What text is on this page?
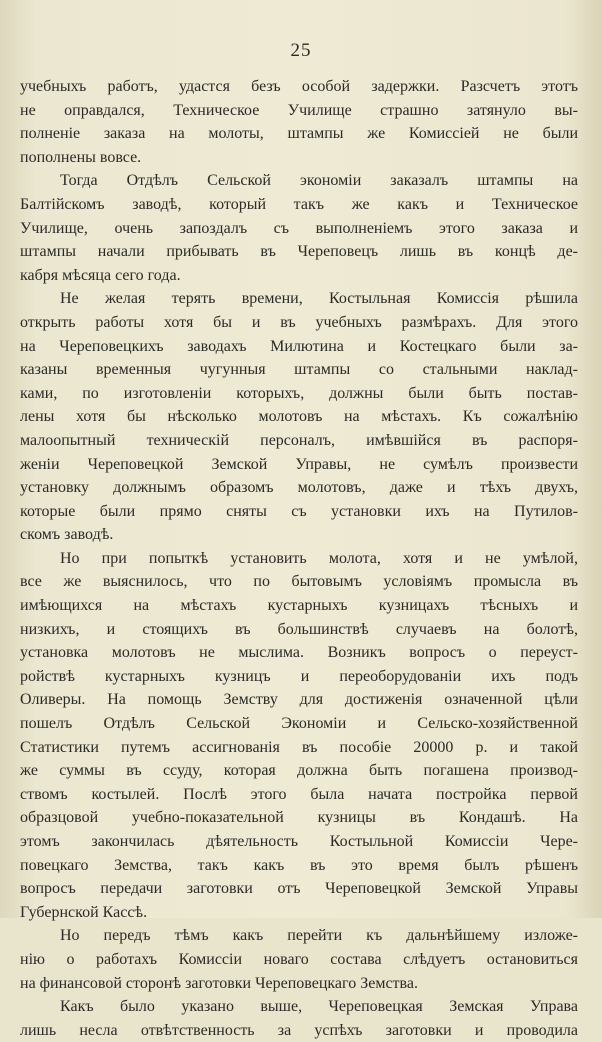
25
учебныхъ работъ, удастся безъ особой задержки. Разсчетъ этотъ
не оправдался, Техническое Училище страшно затянуло вы-
полненіе заказа на молоты, штампы же Комиссіей не были
пополнены вовсе.
Тогда Отдѣлъ Сельской экономіи заказалъ штампы на
Балтійскомъ заводѣ, который такъ же какъ и Техническое
Училище, очень запоздалъ съ выполненіемъ этого заказа и
штампы начали прибывать въ Череповецъ лишь въ концѣ де-
кабря мѣсяца сего года.
Не желая терять времени, Костыльная Комиссія рѣшила
открыть работы хотя бы и въ учебныхъ размѣрахъ. Для этого
на Череповецкихъ заводахъ Милютина и Костецкаго были за-
казаны временныя чугунныя штампы со стальными наклад-
ками, по изготовленіи которыхъ, должны были быть постав-
лены хотя бы нѣсколько молотовъ на мѣстахъ. Къ сожалѣнію
малоопытный техническій персоналъ, имѣвшійся въ распоря-
женіи Череповецкой Земской Управы, не сумѣлъ произвести
установку должнымъ образомъ молотовъ, даже и тѣхъ двухъ,
которые были прямо сняты съ установки ихъ на Путилов-
скомъ заводѣ.
Но при попыткѣ установить молота, хотя и не умѣлой,
все же выяснилось, что по бытовымъ условіямъ промысла въ
имѣющихся на мѣстахъ кустарныхъ кузницахъ тѣсныхъ и
низкихъ, и стоящихъ въ большинствѣ случаевъ на болотѣ,
установка молотовъ не мыслима. Возникъ вопросъ о переуст-
ройствѣ кустарныхъ кузницъ и переоборудованіи ихъ подъ
Оливеры. На помощь Земству для достиженія означенной цѣли
пошелъ Отдѣлъ Сельской Экономіи и Сельско-хозяйственной
Статистики путемъ ассигнованія въ пособіе 20000 р. и такой
же суммы въ ссуду, которая должна быть погашена производ-
ствомъ костылей. Послѣ этого была начата постройка первой
образцовой учебно-показательной кузницы въ Кондашѣ. На
этомъ закончилась дѣятельность Костыльной Комиссіи Чере-
повецкаго Земства, такъ какъ въ это время былъ рѣшенъ
вопросъ передачи заготовки отъ Череповецкой Земской Управы
Губернской Кассѣ.
Но передъ тѣмъ какъ перейти къ дальнѣйшему изложе-
нію о работахъ Комиссіи новаго состава слѣдуетъ остановиться
на финансовой сторонѣ заготовки Череповецкаго Земства.
Какъ было указано выше, Череповецкая Земская Управа
лишь несла отвѣтственность за успѣхъ заготовки и проводила
